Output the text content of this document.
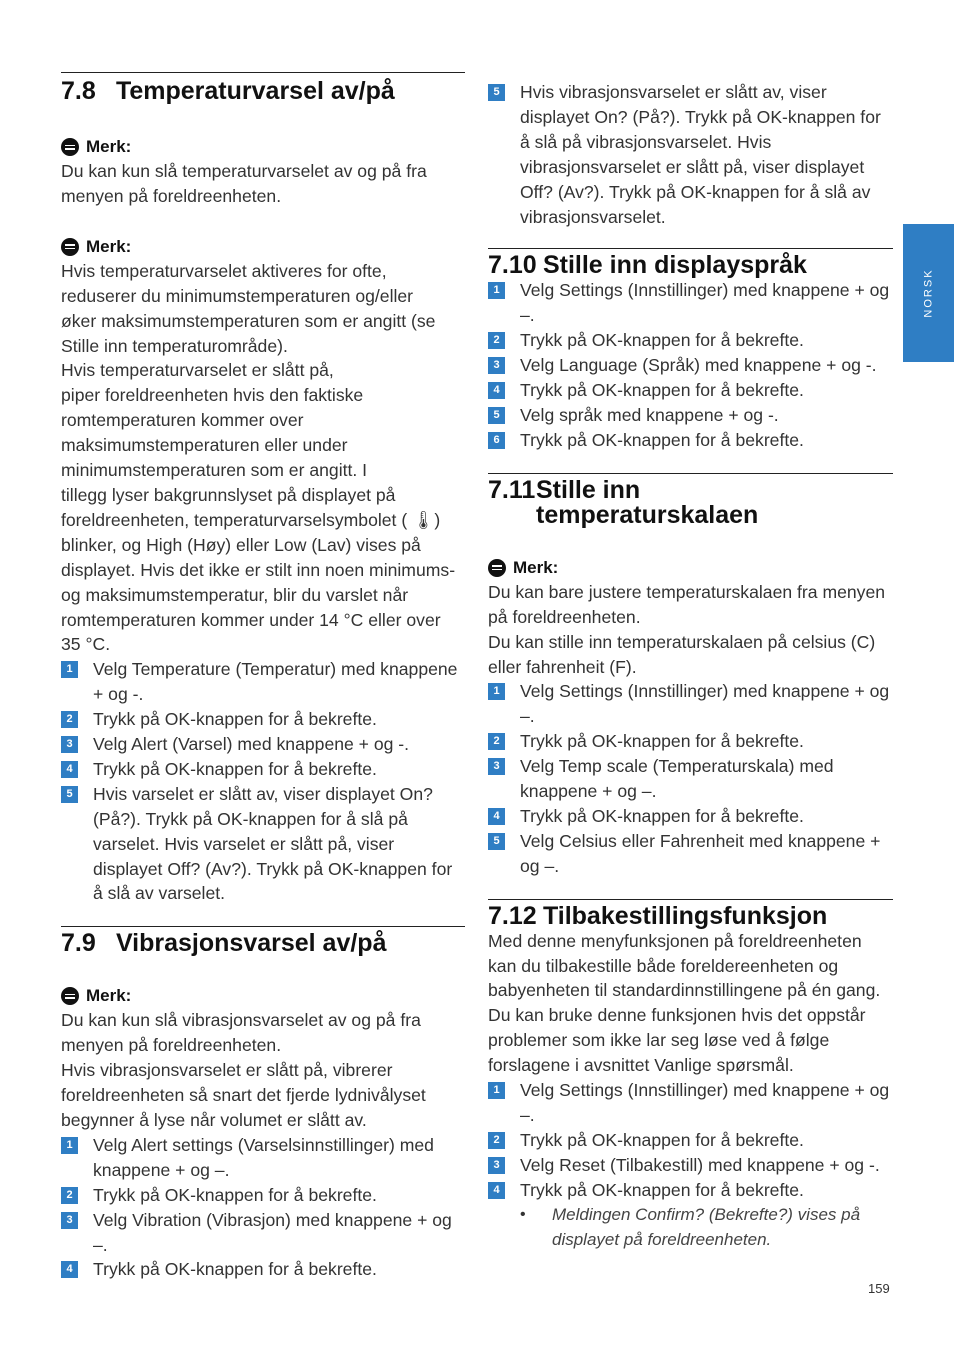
NORSK
7.8 Temperaturvarsel av/på
Merk:

Du kan kun slå temperaturvarselet av og på fra menyen på foreldreenheten.

Merk:

Hvis temperaturvarselet aktiveres for ofte,

reduserer du minimumstemperaturen og/eller

øker maksimumstemperaturen som er angitt (se

Stille inn temperaturområde).

Hvis temperaturvarselet er slått på,

piper foreldreenheten hvis den faktiske

romtemperaturen kommer over

maksimumstemperaturen eller under

minimumstemperaturen som er angitt. I

tillegg lyser bakgrunnslyset på displayet på

foreldreenheten, temperaturvarselsymbolet ( 🌡)

blinker, og High (Høy) eller Low (Lav) vises på

displayet. Hvis det ikke er stilt inn noen minimums-

og maksimumstemperatur, blir du varslet når

romtemperaturen kommer under 14 °C eller over

35 °C.

1	Velg Temperature (Temperatur) med knappene + og -.
2	Trykk på OK-knappen for å bekrefte.
3	Velg Alert (Varsel) med knappene + og -.
4	Trykk på OK-knappen for å bekrefte.
5	Hvis varselet er slått av, viser displayet On? (På?). Trykk på OK-knappen for å slå på varselet. Hvis varselet er slått på, viser displayet Off? (Av?). Trykk på OK-knappen for å slå av varselet.
7.9 Vibrasjonsvarsel av/på
Merk:

Du kan kun slå vibrasjonsvarselet av og på fra menyen på foreldreenheten.

Hvis vibrasjonsvarselet er slått på, vibrerer foreldreenheten så snart det fjerde lydnivålyset begynner å lyse når volumet er slått av.

1	Velg Alert settings (Varselsinnstillinger) med knappene + og –.
2	Trykk på OK-knappen for å bekrefte.
3	Velg Vibration (Vibrasjon) med knappene + og –.
4	Trykk på OK-knappen for å bekrefte.
5	Hvis vibrasjonsvarselet er slått av, viser displayet On? (På?). Trykk på OK-knappen for å slå på vibrasjonsvarselet. Hvis vibrasjonsvarselet er slått på, viser displayet Off? (Av?). Trykk på OK-knappen for å slå av vibrasjonsvarselet.
7.10 Stille inn displayspråk
1	Velg Settings (Innstillinger) med knappene + og –.
2	Trykk på OK-knappen for å bekrefte.
3	Velg Language (Språk) med knappene + og -.
4	Trykk på OK-knappen for å bekrefte.
5	Velg språk med knappene + og -.
6	Trykk på OK-knappen for å bekrefte.
7.11Stille inn
temperaturskalaen
Merk:

Du kan bare justere temperaturskalaen fra menyen på foreldreenheten.

Du kan stille inn temperaturskalaen på celsius (C) eller fahrenheit (F).

1	Velg Settings (Innstillinger) med knappene + og –.
2	Trykk på OK-knappen for å bekrefte.
3	Velg Temp scale (Temperaturskala) med knappene + og –.
4	Trykk på OK-knappen for å bekrefte.
5	Velg Celsius eller Fahrenheit med knappene + og –.
7.12 Tilbakestillingsfunksjon

Med denne menyfunksjonen på foreldreenheten kan du tilbakestille både foreldereenheten og babyenheten til standardinnstillingene på én gang. Du kan bruke denne funksjonen hvis det oppstår problemer som ikke lar seg løse ved å følge forslagene i avsnittet Vanlige spørsmål.

1	Velg Settings (Innstillinger) med knappene + og –.
2	Trykk på OK-knappen for å bekrefte.
3	Velg Reset (Tilbakestill) med knappene + og -.
4	Trykk på OK-knappen for å bekrefte.
•	Meldingen Confirm? (Bekrefte?) vises på displayet på foreldreenheten.
159
